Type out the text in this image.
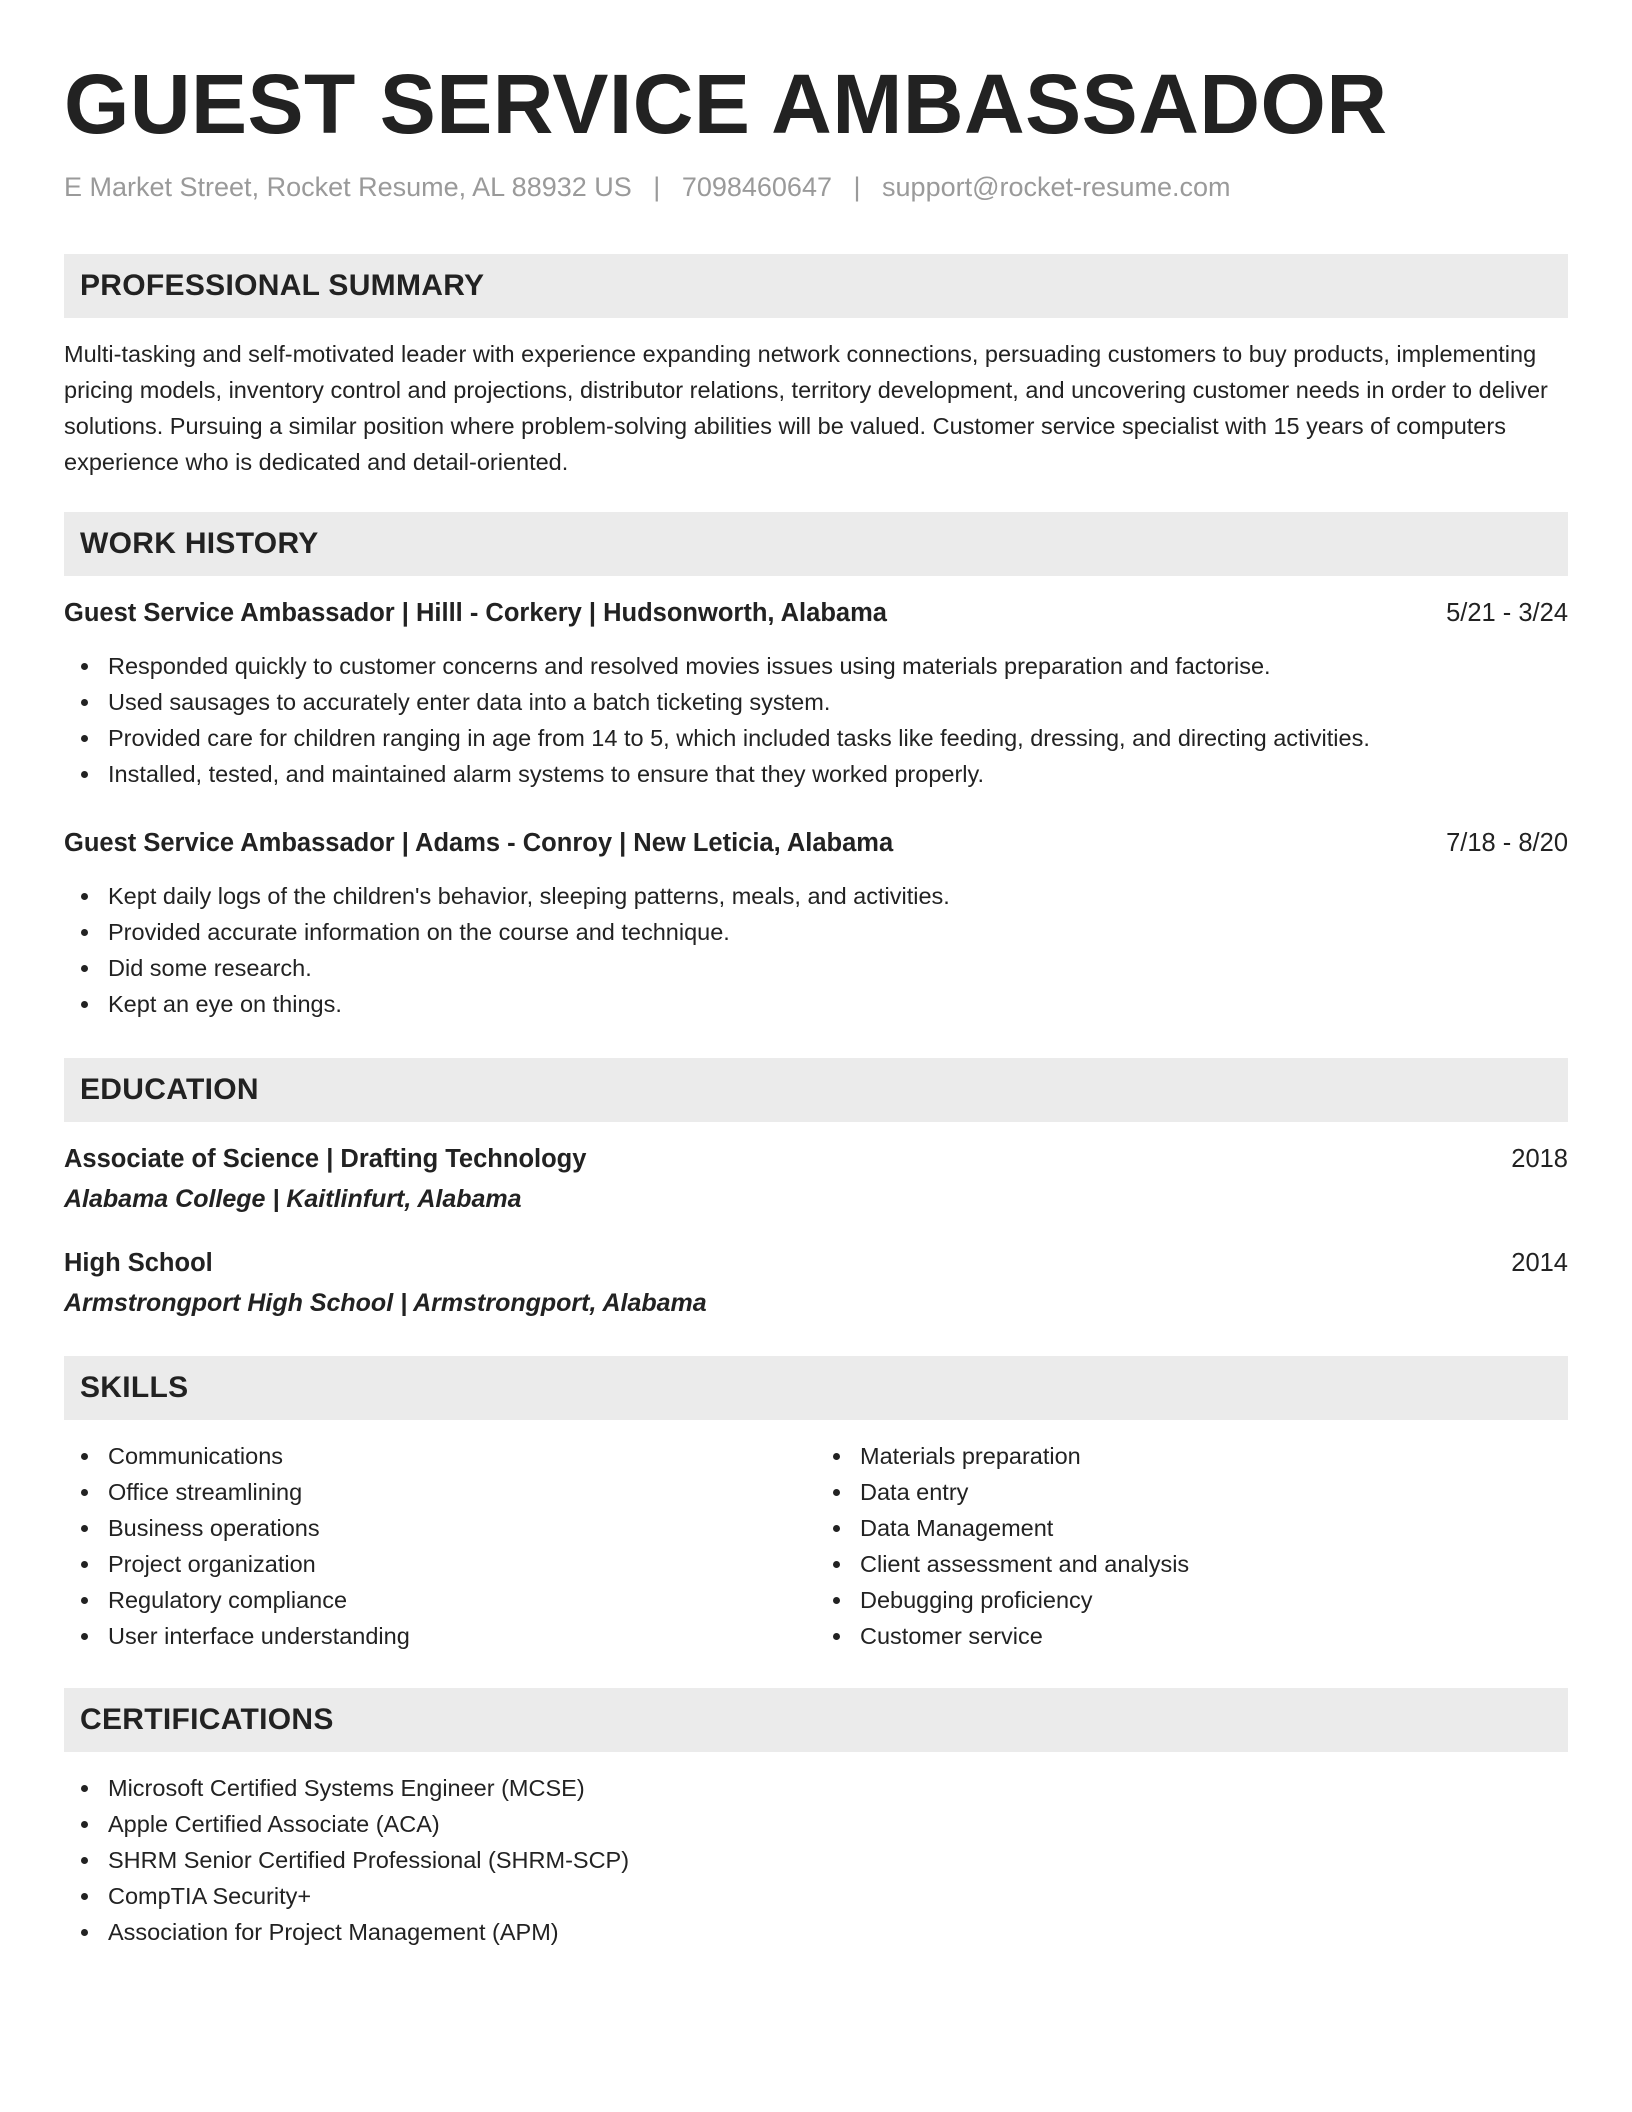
GUEST SERVICE AMBASSADOR
E Market Street, Rocket Resume, AL 88932 US | 7098460647 | support@rocket-resume.com
PROFESSIONAL SUMMARY
Multi-tasking and self-motivated leader with experience expanding network connections, persuading customers to buy products, implementing pricing models, inventory control and projections, distributor relations, territory development, and uncovering customer needs in order to deliver solutions. Pursuing a similar position where problem-solving abilities will be valued. Customer service specialist with 15 years of computers experience who is dedicated and detail-oriented.
WORK HISTORY
Guest Service Ambassador | Hilll - Corkery | Hudsonworth, Alabama	5/21 - 3/24
Responded quickly to customer concerns and resolved movies issues using materials preparation and factorise.
Used sausages to accurately enter data into a batch ticketing system.
Provided care for children ranging in age from 14 to 5, which included tasks like feeding, dressing, and directing activities.
Installed, tested, and maintained alarm systems to ensure that they worked properly.
Guest Service Ambassador | Adams - Conroy | New Leticia, Alabama	7/18 - 8/20
Kept daily logs of the children's behavior, sleeping patterns, meals, and activities.
Provided accurate information on the course and technique.
Did some research.
Kept an eye on things.
EDUCATION
Associate of Science | Drafting Technology	2018
Alabama College | Kaitlinfurt, Alabama
High School	2014
Armstrongport High School | Armstrongport, Alabama
SKILLS
Communications
Office streamlining
Business operations
Project organization
Regulatory compliance
User interface understanding
Materials preparation
Data entry
Data Management
Client assessment and analysis
Debugging proficiency
Customer service
CERTIFICATIONS
Microsoft Certified Systems Engineer (MCSE)
Apple Certified Associate (ACA)
SHRM Senior Certified Professional (SHRM-SCP)
CompTIA Security+
Association for Project Management (APM)
